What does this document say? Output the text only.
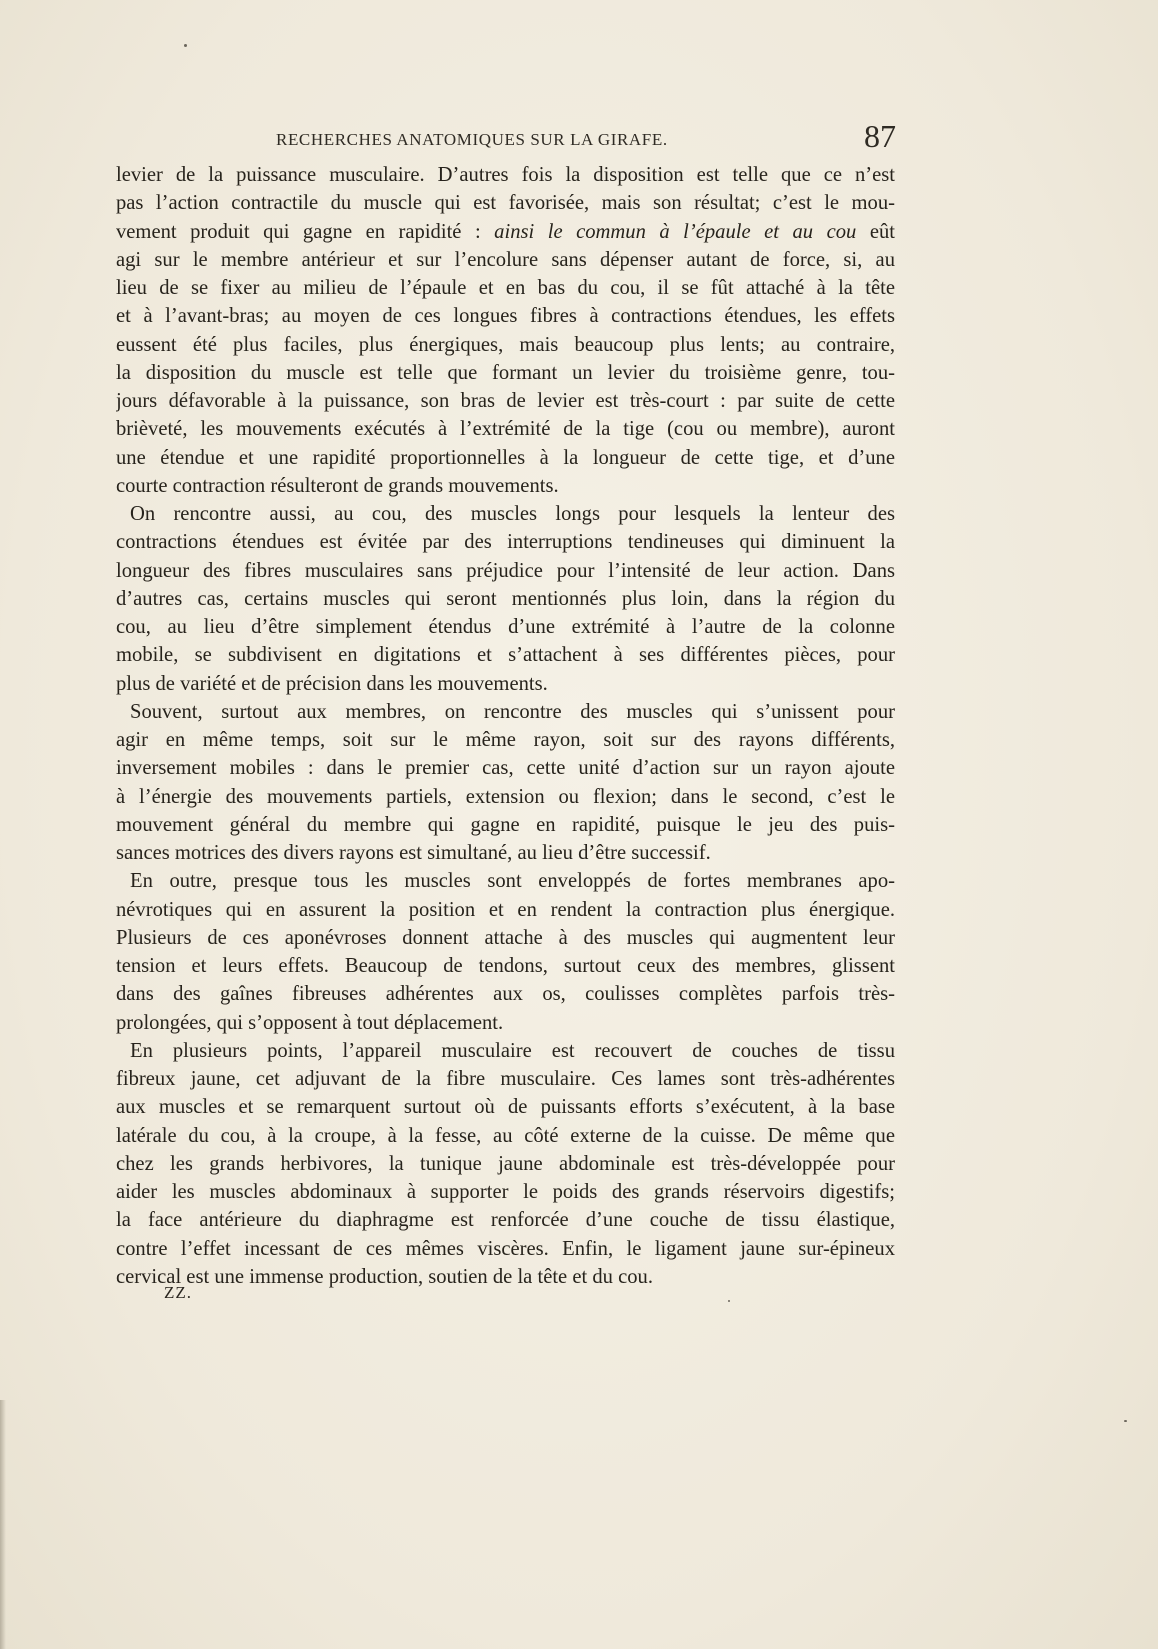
RECHERCHES ANATOMIQUES SUR LA GIRAFE.	87
levier de la puissance musculaire. D’autres fois la disposition est telle que ce n’est
pas l’action contractile du muscle qui est favorisée, mais son résultat; c’est le mou-
vement produit qui gagne en rapidité : ainsi le commun à l’épaule et au cou eût
agi sur le membre antérieur et sur l’encolure sans dépenser autant de force, si, au
lieu de se fixer au milieu de l’épaule et en bas du cou, il se fût attaché à la tête
et à l’avant-bras; au moyen de ces longues fibres à contractions étendues, les effets
eussent été plus faciles, plus énergiques, mais beaucoup plus lents; au contraire,
la disposition du muscle est telle que formant un levier du troisième genre, tou-
jours défavorable à la puissance, son bras de levier est très-court : par suite de cette
brièveté, les mouvements exécutés à l’extrémité de la tige (cou ou membre), auront
une étendue et une rapidité proportionnelles à la longueur de cette tige, et d’une
courte contraction résulteront de grands mouvements.
On rencontre aussi, au cou, des muscles longs pour lesquels la lenteur des
contractions étendues est évitée par des interruptions tendineuses qui diminuent la
longueur des fibres musculaires sans préjudice pour l’intensité de leur action. Dans
d’autres cas, certains muscles qui seront mentionnés plus loin, dans la région du
cou, au lieu d’être simplement étendus d’une extrémité à l’autre de la colonne
mobile, se subdivisent en digitations et s’attachent à ses différentes pièces, pour
plus de variété et de précision dans les mouvements.
Souvent, surtout aux membres, on rencontre des muscles qui s’unissent pour
agir en même temps, soit sur le même rayon, soit sur des rayons différents,
inversement mobiles : dans le premier cas, cette unité d’action sur un rayon ajoute
à l’énergie des mouvements partiels, extension ou flexion; dans le second, c’est le
mouvement général du membre qui gagne en rapidité, puisque le jeu des puis-
sances motrices des divers rayons est simultané, au lieu d’être successif.
En outre, presque tous les muscles sont enveloppés de fortes membranes apo-
névrotiques qui en assurent la position et en rendent la contraction plus énergique.
Plusieurs de ces aponévroses donnent attache à des muscles qui augmentent leur
tension et leurs effets. Beaucoup de tendons, surtout ceux des membres, glissent
dans des gaînes fibreuses adhérentes aux os, coulisses complètes parfois très-
prolongées, qui s’opposent à tout déplacement.
En plusieurs points, l’appareil musculaire est recouvert de couches de tissu
fibreux jaune, cet adjuvant de la fibre musculaire. Ces lames sont très-adhérentes
aux muscles et se remarquent surtout où de puissants efforts s’exécutent, à la base
latérale du cou, à la croupe, à la fesse, au côté externe de la cuisse. De même que
chez les grands herbivores, la tunique jaune abdominale est très-développée pour
aider les muscles abdominaux à supporter le poids des grands réservoirs digestifs;
la face antérieure du diaphragme est renforcée d’une couche de tissu élastique,
contre l’effet incessant de ces mêmes viscères. Enfin, le ligament jaune sur-épineux
cervical est une immense production, soutien de la tête et du cou.
ZZ.
